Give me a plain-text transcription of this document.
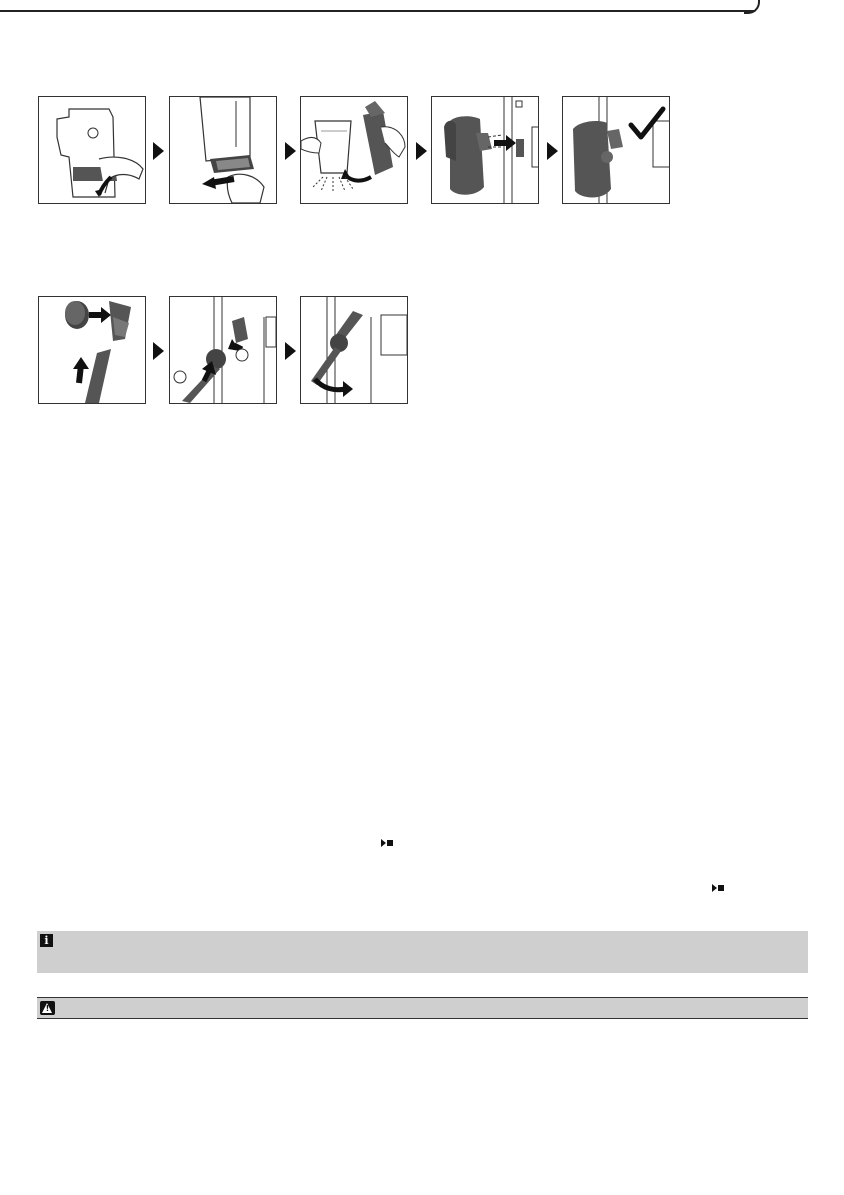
i
!
